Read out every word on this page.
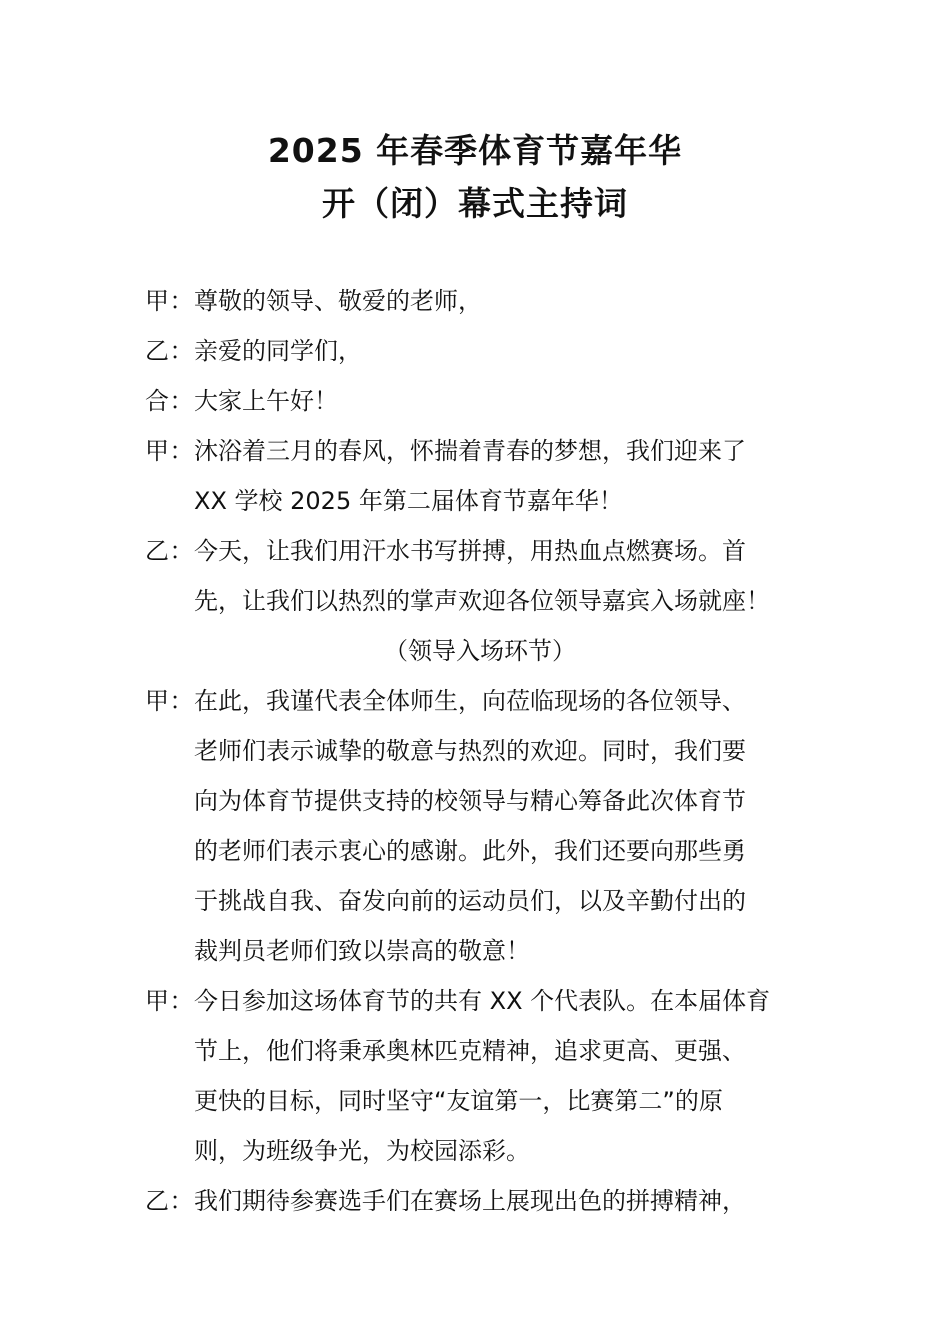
2025 年春季体育节嘉年华
开（闭）幕式主持词
甲： 尊敬的领导、敬爱的老师，
乙： 亲爱的同学们，
合： 大家上午好！
甲： 沐浴着三月的春风，怀揣着青春的梦想，我们迎来了
XX 学校 2025 年第二届体育节嘉年华！
乙： 今天，让我们用汗水书写拼搏，用热血点燃赛场。首
先，让我们以热烈的掌声欢迎各位领导嘉宾入场就座！
（领导入场环节）
甲： 在此，我谨代表全体师生，向莅临现场的各位领导、
老师们表示诚挚的敬意与热烈的欢迎。同时，我们要
向为体育节提供支持的校领导与精心筹备此次体育节
的老师们表示衷心的感谢。此外，我们还要向那些勇
于挑战自我、奋发向前的运动员们，以及辛勤付出的
裁判员老师们致以崇高的敬意！
甲： 今日参加这场体育节的共有 XX 个代表队。在本届体育
节上，他们将秉承奥林匹克精神，追求更高、更强、
更快的目标，同时坚守“友谊第一，比赛第二”的原
则，为班级争光，为校园添彩。
乙： 我们期待参赛选手们在赛场上展现出色的拼搏精神，
